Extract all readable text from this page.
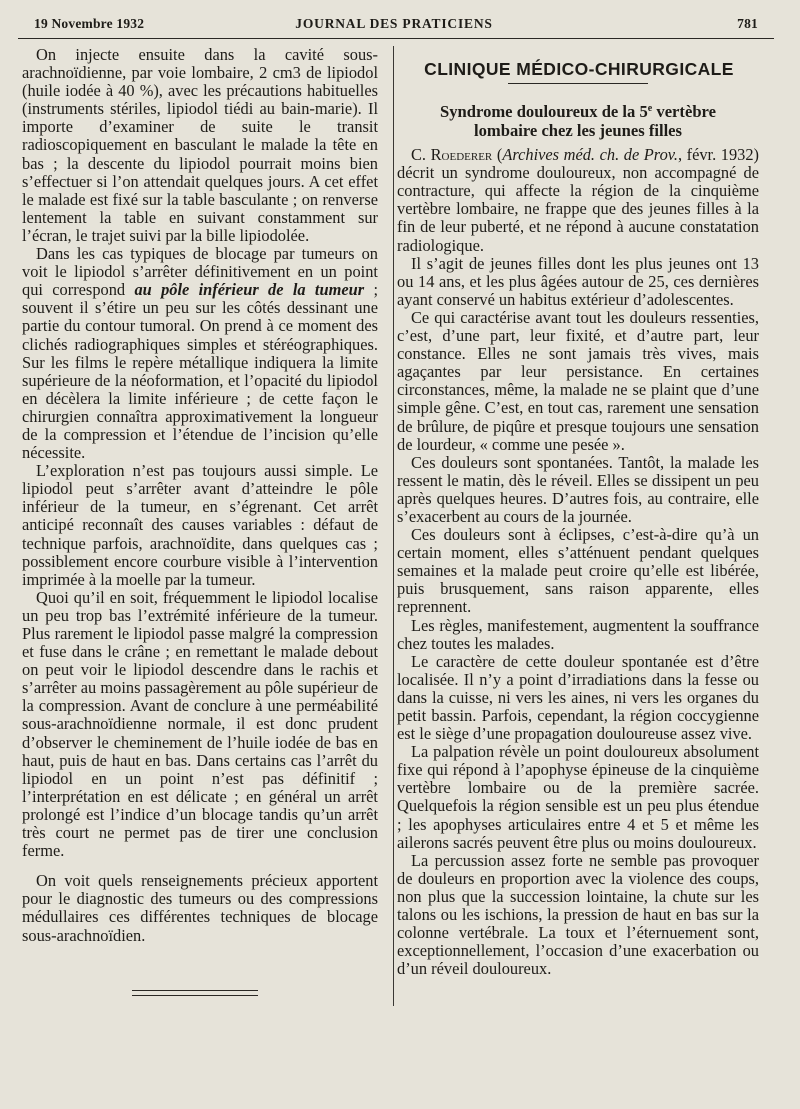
19 Novembre 1932	JOURNAL DES PRATICIENS	781

On injecte ensuite dans la cavité sous-arachnoïdienne, par voie lombaire, 2 cm3 de lipiodol (huile iodée à 40 %), avec les précautions habituelles (instruments stériles, lipiodol tiédi au bain-marie). Il importe d’examiner de suite le transit radioscopiquement en basculant le malade la tête en bas ; la descente du lipiodol pourrait moins bien s’effectuer si l’on attendait quelques jours. A cet effet le malade est fixé sur la table basculante ; on renverse lentement la table en suivant constamment sur l’écran, le trajet suivi par la bille lipiodolée.

Dans les cas typiques de blocage par tumeurs on voit le lipiodol s’arrêter définitivement en un point qui correspond au pôle inférieur de la tumeur ; souvent il s’étire un peu sur les côtés dessinant une partie du contour tumoral. On prend à ce moment des clichés radiographiques simples et stéréographiques. Sur les films le repère métallique indiquera la limite supérieure de la néoformation, et l’opacité du lipiodol en décèlera la limite inférieure ; de cette façon le chirurgien connaîtra approximativement la longueur de la compression et l’étendue de l’incision qu’elle nécessite.

L’exploration n’est pas toujours aussi simple. Le lipiodol peut s’arrêter avant d’atteindre le pôle inférieur de la tumeur, en s’égrenant. Cet arrêt anticipé reconnaît des causes variables : défaut de technique parfois, arachnoïdite, dans quelques cas ; possiblement encore courbure visible à l’intervention imprimée à la moelle par la tumeur.

Quoi qu’il en soit, fréquemment le lipiodol localise un peu trop bas l’extrémité inférieure de la tumeur. Plus rarement le lipiodol passe malgré la compression et fuse dans le crâne ; en remettant le malade debout on peut voir le lipiodol descendre dans le rachis et s’arrêter au moins passagèrement au pôle supérieur de la compression. Avant de conclure à une perméabilité sous-arachnoïdienne normale, il est donc prudent d’observer le cheminement de l’huile iodée de bas en haut, puis de haut en bas. Dans certains cas l’arrêt du lipiodol en un point n’est pas définitif ; l’interprétation en est délicate ; en général un arrêt prolongé est l’indice d’un blocage tandis qu’un arrêt très court ne permet pas de tirer une conclusion ferme.

On voit quels renseignements précieux apportent pour le diagnostic des tumeurs ou des compressions médullaires ces différentes techniques de blocage sous-arachnoïdien.

CLINIQUE MÉDICO-CHIRURGICALE
Syndrome douloureux de la 5e vertèbre
lombaire chez les jeunes filles

C. Roederer (Archives méd. ch. de Prov., févr. 1932) décrit un syndrome douloureux, non accompagné de contracture, qui affecte la région de la cinquième vertèbre lombaire, ne frappe que des jeunes filles à la fin de leur puberté, et ne répond à aucune constatation radiologique.

Il s’agit de jeunes filles dont les plus jeunes ont 13 ou 14 ans, et les plus âgées autour de 25, ces dernières ayant conservé un habitus extérieur d’adolescentes.

Ce qui caractérise avant tout les douleurs ressenties, c’est, d’une part, leur fixité, et d’autre part, leur constance. Elles ne sont jamais très vives, mais agaçantes par leur persistance. En certaines circonstances, même, la malade ne se plaint que d’une simple gêne. C’est, en tout cas, rarement une sensation de brûlure, de piqûre et presque toujours une sensation de lourdeur, « comme une pesée ».

Ces douleurs sont spontanées. Tantôt, la malade les ressent le matin, dès le réveil. Elles se dissipent un peu après quelques heures. D’autres fois, au contraire, elle s’exacerbent au cours de la journée.

Ces douleurs sont à éclipses, c’est-à-dire qu’à un certain moment, elles s’atténuent pendant quelques semaines et la malade peut croire qu’elle est libérée, puis brusquement, sans raison apparente, elles reprennent.

Les règles, manifestement, augmentent la souffrance chez toutes les malades.

Le caractère de cette douleur spontanée est d’être localisée. Il n’y a point d’irradiations dans la fesse ou dans la cuisse, ni vers les aines, ni vers les organes du petit bassin. Parfois, cependant, la région coccygienne est le siège d’une propagation douloureuse assez vive.

La palpation révèle un point douloureux absolument fixe qui répond à l’apophyse épineuse de la cinquième vertèbre lombaire ou de la première sacrée. Quelquefois la région sensible est un peu plus étendue ; les apophyses articulaires entre 4 et 5 et même les ailerons sacrés peuvent être plus ou moins douloureux.

La percussion assez forte ne semble pas provoquer de douleurs en proportion avec la violence des coups, non plus que la succession lointaine, la chute sur les talons ou les ischions, la pression de haut en bas sur la colonne vertébrale. La toux et l’éternuement sont, exceptionnellement, l’occasion d’une exacerbation ou d’un réveil douloureux.
